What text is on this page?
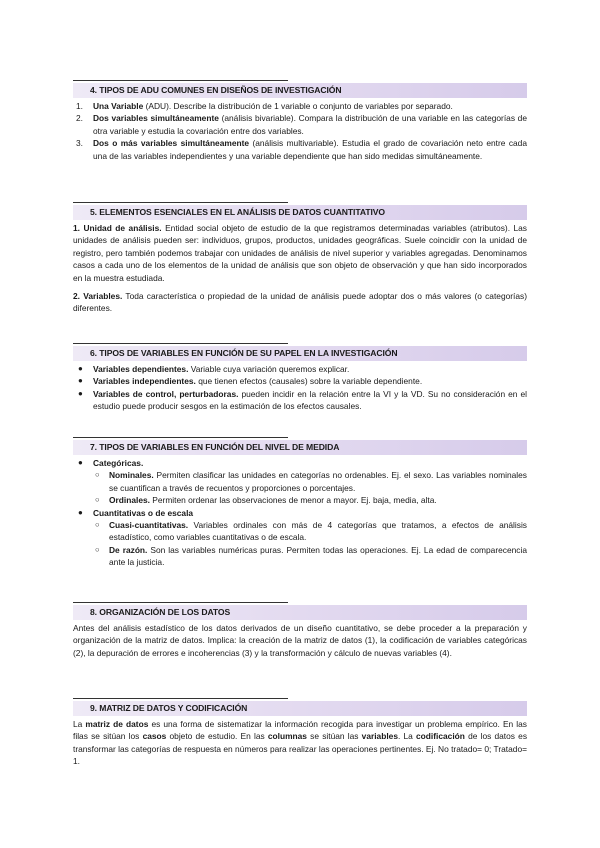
4. TIPOS DE ADU COMUNES EN DISEÑOS DE INVESTIGACIÓN
1. Una Variable (ADU). Describe la distribución de 1 variable o conjunto de variables por separado.
2. Dos variables simultáneamente (análisis bivariable). Compara la distribución de una variable en las categorías de otra variable y estudia la covariación entre dos variables.
3. Dos o más variables simultáneamente (análisis multivariable). Estudia el grado de covariación neto entre cada una de las variables independientes y una variable dependiente que han sido medidas simultáneamente.
5. ELEMENTOS ESENCIALES EN EL ANÁLISIS DE DATOS CUANTITATIVO

1. Unidad de análisis. Entidad social objeto de estudio de la que registramos determinadas variables (atributos). Las unidades de análisis pueden ser: individuos, grupos, productos, unidades geográficas. Suele coincidir con la unidad de registro, pero también podemos trabajar con unidades de análisis de nivel superior y variables agregadas. Denominamos casos a cada uno de los elementos de la unidad de análisis que son objeto de observación y que han sido incorporados en la muestra estudiada.

2. Variables. Toda característica o propiedad de la unidad de análisis puede adoptar dos o más valores (o categorías) diferentes.

6. TIPOS DE VARIABLES EN FUNCIÓN DE SU PAPEL EN LA INVESTIGACIÓN
● Variables dependientes. Variable cuya variación queremos explicar.
● Variables independientes. que tienen efectos (causales) sobre la variable dependiente.
● Variables de control, perturbadoras. pueden incidir en la relación entre la VI y la VD. Su no consideración en el estudio puede producir sesgos en la estimación de los efectos causales.
7. TIPOS DE VARIABLES EN FUNCIÓN DEL NIVEL DE MEDIDA
● Categóricas.
○ Nominales. Permiten clasificar las unidades en categorías no ordenables. Ej. el sexo. Las variables nominales se cuantifican a través de recuentos y proporciones o porcentajes.
○ Ordinales. Permiten ordenar las observaciones de menor a mayor. Ej. baja, media, alta.
● Cuantitativas o de escala
○ Cuasi-cuantitativas. Variables ordinales con más de 4 categorías que tratamos, a efectos de análisis estadístico, como variables cuantitativas o de escala.
○ De razón. Son las variables numéricas puras. Permiten todas las operaciones. Ej. La edad de comparecencia ante la justicia.
8. ORGANIZACIÓN DE LOS DATOS

Antes del análisis estadístico de los datos derivados de un diseño cuantitativo, se debe proceder a la preparación y organización de la matriz de datos. Implica: la creación de la matriz de datos (1), la codificación de variables categóricas (2), la depuración de errores e incoherencias (3) y la transformación y cálculo de nuevas variables (4).

9. MATRIZ DE DATOS Y CODIFICACIÓN

La matriz de datos es una forma de sistematizar la información recogida para investigar un problema empírico. En las filas se sitúan los casos objeto de estudio. En las columnas se sitúan las variables. La codificación de los datos es transformar las categorías de respuesta en números para realizar las operaciones pertinentes. Ej. No tratado= 0; Tratado= 1.
